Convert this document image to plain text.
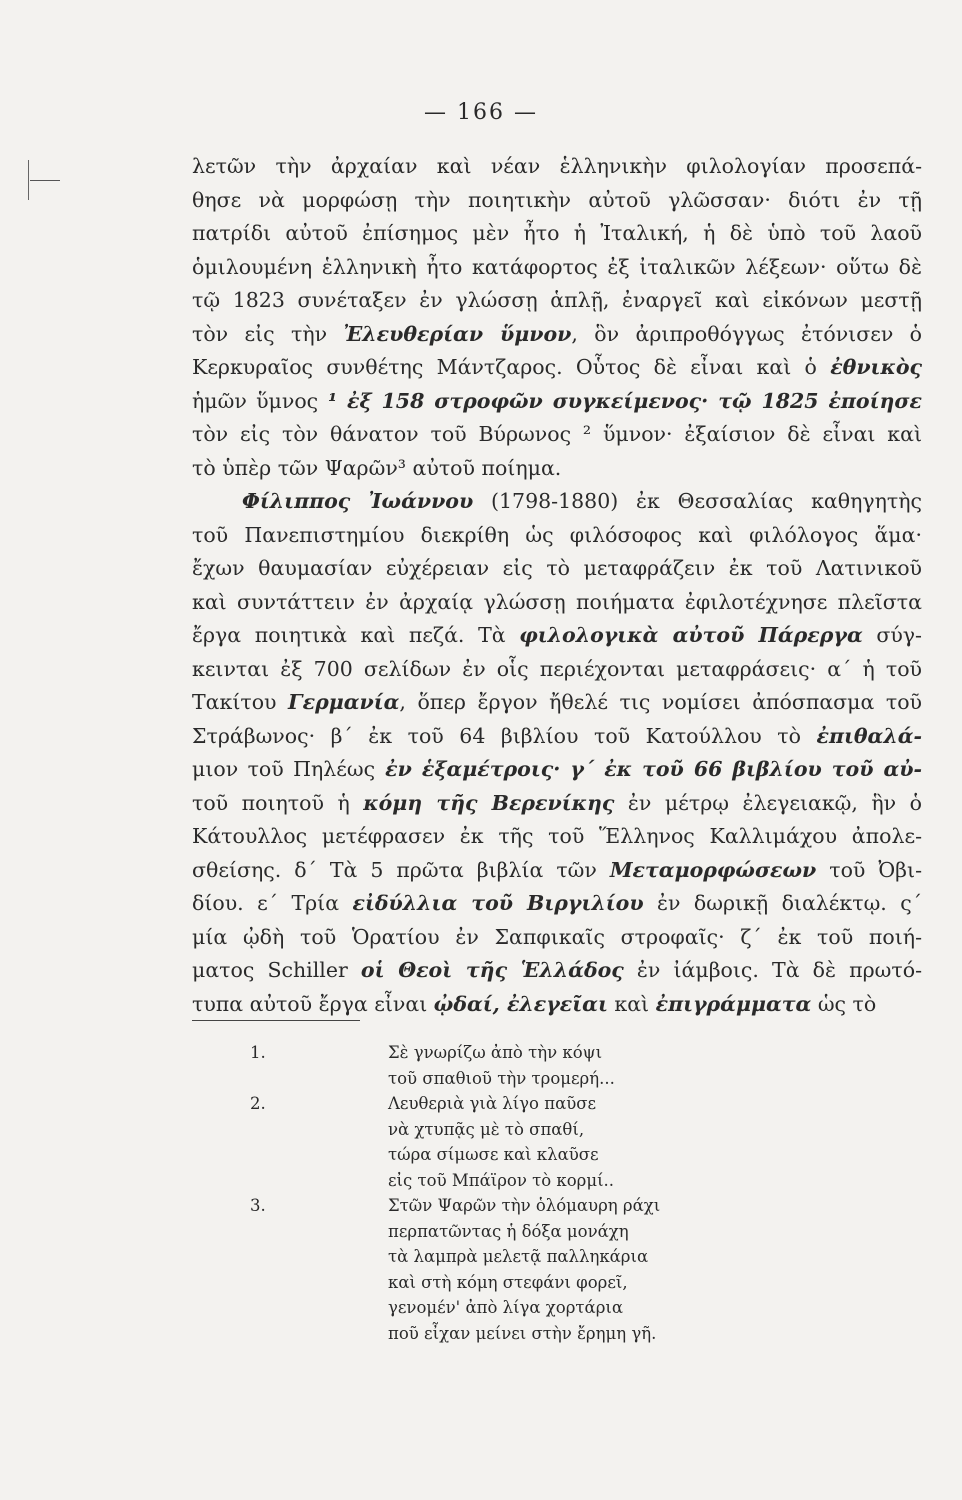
— 166 —
λετῶν τὴν ἀρχαίαν καὶ νέαν ἑλληνικὴν φιλολογίαν προσεπά-
θησε νὰ μορφώσῃ τὴν ποιητικὴν αὐτοῦ γλῶσσαν· διότι ἐν τῇ
πατρίδι αὐτοῦ ἐπίσημος μὲν ἦτο ἡ Ἰταλική, ἡ δὲ ὑπὸ τοῦ λαοῦ
ὁμιλουμένη ἑλληνικὴ ἦτο κατάφορτος ἐξ ἰταλικῶν λέξεων· οὕτω δὲ
τῷ 1823 συνέταξεν ἐν γλώσσῃ ἁπλῇ, ἐναργεῖ καὶ εἰκόνων μεστῇ
τὸν εἰς τὴν Ἐλευθερίαν ὕμνον, ὃν ἀριπροθόγγως ἐτόνισεν ὁ
Κερκυραῖος συνθέτης Μάντζαρος. Οὗτος δὲ εἶναι καὶ ὁ ἐθνικὸς
ἡμῶν ὕμνος ¹ ἐξ 158 στροφῶν συγκείμενος· τῷ 1825 ἐποίησε
τὸν εἰς τὸν θάνατον τοῦ Βύρωνος ² ὕμνον· ἐξαίσιον δὲ εἶναι καὶ
τὸ ὑπὲρ τῶν Ψαρῶν³ αὐτοῦ ποίημα.
Φίλιππος Ἰωάννου (1798-1880) ἐκ Θεσσαλίας καθηγητὴς
τοῦ Πανεπιστημίου διεκρίθη ὡς φιλόσοφος καὶ φιλόλογος ἅμα·
ἔχων θαυμασίαν εὐχέρειαν εἰς τὸ μεταφράζειν ἐκ τοῦ Λατινικοῦ
καὶ συντάττειν ἐν ἀρχαίᾳ γλώσσῃ ποιήματα ἐφιλοτέχνησε πλεῖστα
ἔργα ποιητικὰ καὶ πεζά. Τὰ φιλολογικὰ αὐτοῦ Πάρεργα σύγ-
κεινται ἐξ 700 σελίδων ἐν οἷς περιέχονται μεταφράσεις· α΄ ἡ τοῦ
Τακίτου Γερμανία, ὅπερ ἔργον ἤθελέ τις νομίσει ἀπόσπασμα τοῦ
Στράβωνος· β΄ ἐκ τοῦ 64 βιβλίου τοῦ Κατούλλου τὸ ἐπιθαλά-
μιον τοῦ Πηλέως ἐν ἑξαμέτροις· γ΄ ἐκ τοῦ 66 βιβλίου τοῦ αὐ-
τοῦ ποιητοῦ ἡ κόμη τῆς Βερενίκης ἐν μέτρῳ ἐλεγειακῷ, ἣν ὁ
Κάτουλλος μετέφρασεν ἐκ τῆς τοῦ Ἕλληνος Καλλιμάχου ἀπολε-
σθείσης. δ΄ Τὰ 5 πρῶτα βιβλία τῶν Μεταμορφώσεων τοῦ Ὀβι-
δίου. ε΄ Τρία εἰδύλλια τοῦ Βιργιλίου ἐν δωρικῇ διαλέκτῳ. ς΄
μία ᾠδὴ τοῦ Ὁρατίου ἐν Σαπφικαῖς στροφαῖς· ζ΄ ἐκ τοῦ ποιή-
ματος Schiller οἱ Θεοὶ τῆς Ἑλλάδος ἐν ἰάμβοις. Τὰ δὲ πρωτό-
τυπα αὐτοῦ ἔργα εἶναι ᾠδαί, ἐλεγεῖαι καὶ ἐπιγράμματα ὡς τὸ
1.	Σὲ γνωρίζω ἀπὸ τὴν κόψι
τοῦ σπαθιοῦ τὴν τρομερή...
2.	Λευθεριὰ γιὰ λίγο παῦσε
νὰ χτυπᾷς μὲ τὸ σπαθί,
τώρα σίμωσε καὶ κλαῦσε
εἰς τοῦ Μπάϊρον τὸ κορμί..
3.	Στῶν Ψαρῶν τὴν ὁλόμαυρη ράχι
περπατῶντας ἡ δόξα μονάχη
τὰ λαμπρὰ μελετᾷ παλληκάρια
καὶ στὴ κόμη στεφάνι φορεῖ,
γενομέν' ἀπὸ λίγα χορτάρια
ποῦ εἶχαν μείνει στὴν ἔρημη γῆ.
